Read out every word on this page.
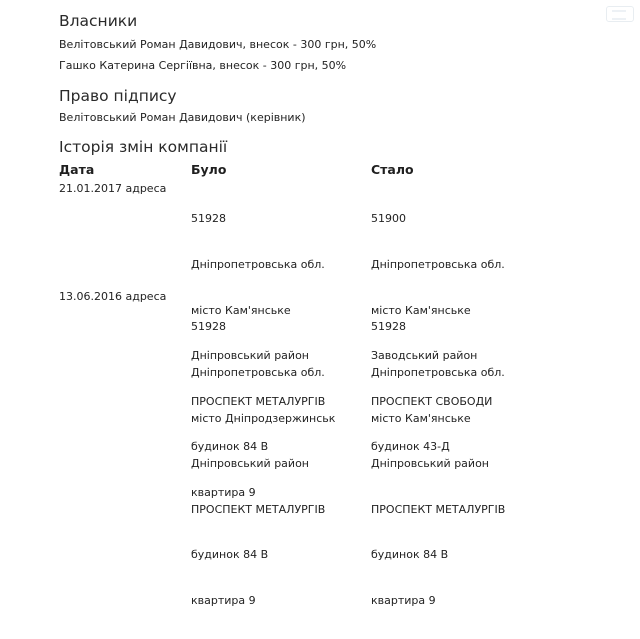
Власники
Велітовський Роман Давидович, внесок - 300 грн, 50%
Гашко Катерина Сергіївна, внесок - 300 грн, 50%
Право підпису
Велітовський Роман Давидович (керівник)
Історія змін компанії
Дата	Було	Стало
21.01.2017 адреса

51928

Дніпропетровська обл.

місто Кам'янське

Дніпровський район

ПРОСПЕКТ МЕТАЛУРГІВ

будинок 84 В

квартира 9

51900

Дніпропетровська обл.

місто Кам'янське

Заводський район

ПРОСПЕКТ СВОБОДИ

будинок 43-Д

13.06.2016 адреса

51928

Дніпропетровська обл.

місто Дніпродзержинськ

Дніпровський район

ПРОСПЕКТ МЕТАЛУРГІВ

будинок 84 В

квартира 9

51928

Дніпропетровська обл.

місто Кам'янське

Дніпровський район

ПРОСПЕКТ МЕТАЛУРГІВ

будинок 84 В

квартира 9
